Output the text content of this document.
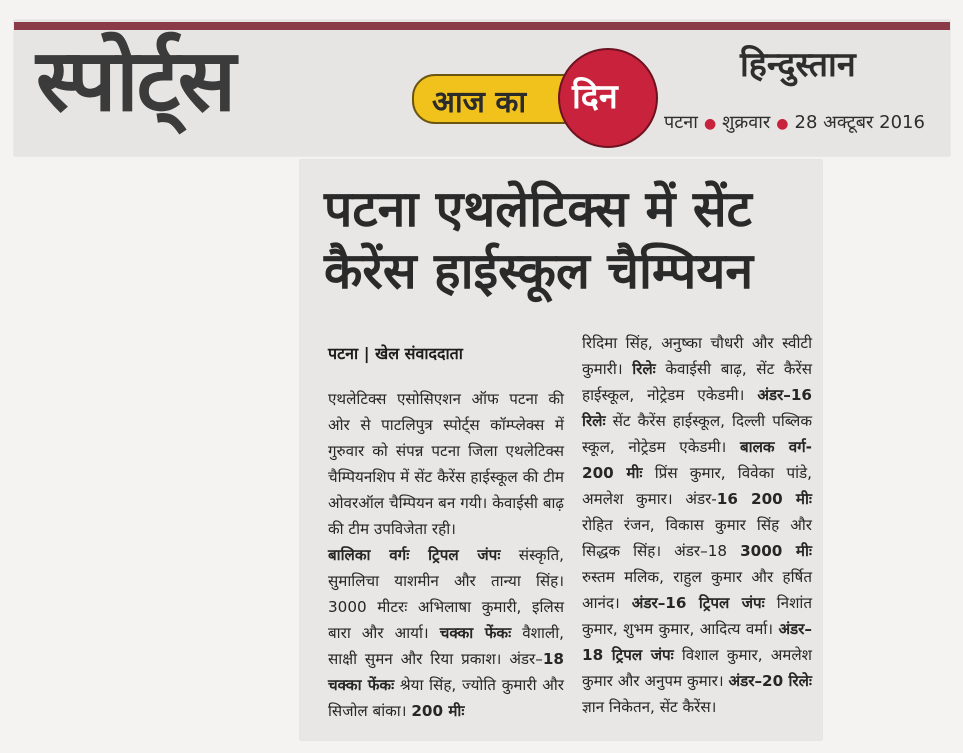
स्पोर्ट्स	आज का दिन
हिन्दुस्तान
पटना ● शुक्रवार ● 28 अक्टूबर 2016
पटना एथलेटिक्स में सेंट कैरेंस हाईस्कूल चैम्पियन
पटना | खेल संवाददाता

एथलेटिक्स एसोसिएशन ऑफ पटना की ओर से पाटलिपुत्र स्पोर्ट्स कॉम्प्लेक्स में गुरुवार को संपन्न पटना जिला एथलेटिक्स चैम्पियनशिप में सेंट कैरेंस हाईस्कूल की टीम ओवरऑल चैम्पियन बन गयी। केवाईसी बाढ़ की टीम उपविजेता रही।

बालिका वर्गः ट्रिपल जंपः संस्कृति, सुमालिचा याशमीन और तान्या सिंह। 3000 मीटरः अभिलाषा कुमारी, इलिस बारा और आर्या। चक्का फेंकः वैशाली, साक्षी सुमन और रिया प्रकाश। अंडर–18 चक्का फेंकः श्रेया सिंह, ज्योति कुमारी और सिजोल बांका। 200 मीः

रिदिमा सिंह, अनुष्का चौधरी और स्वीटी कुमारी। रिलेः केवाईसी बाढ़, सेंट कैरेंस हाईस्कूल, नोट्रेडम एकेडमी। अंडर–16 रिलेः सेंट कैरेंस हाईस्कूल, दिल्ली पब्लिक स्कूल, नोट्रेडम एकेडमी। बालक वर्ग- 200 मीः प्रिंस कुमार, विवेका पांडे, अमलेश कुमार। अंडर-16 200 मीः रोहित रंजन, विकास कुमार सिंह और सिद्धक सिंह। अंडर–18 3000 मीः रुस्तम मलिक, राहुल कुमार और हर्षित आनंद। अंडर–16 ट्रिपल जंपः निशांत कुमार, शुभम कुमार, आदित्य वर्मा। अंडर–18 ट्रिपल जंपः विशाल कुमार, अमलेश कुमार और अनुपम कुमार। अंडर–20 रिलेः ज्ञान निकेतन, सेंट कैरेंस।
